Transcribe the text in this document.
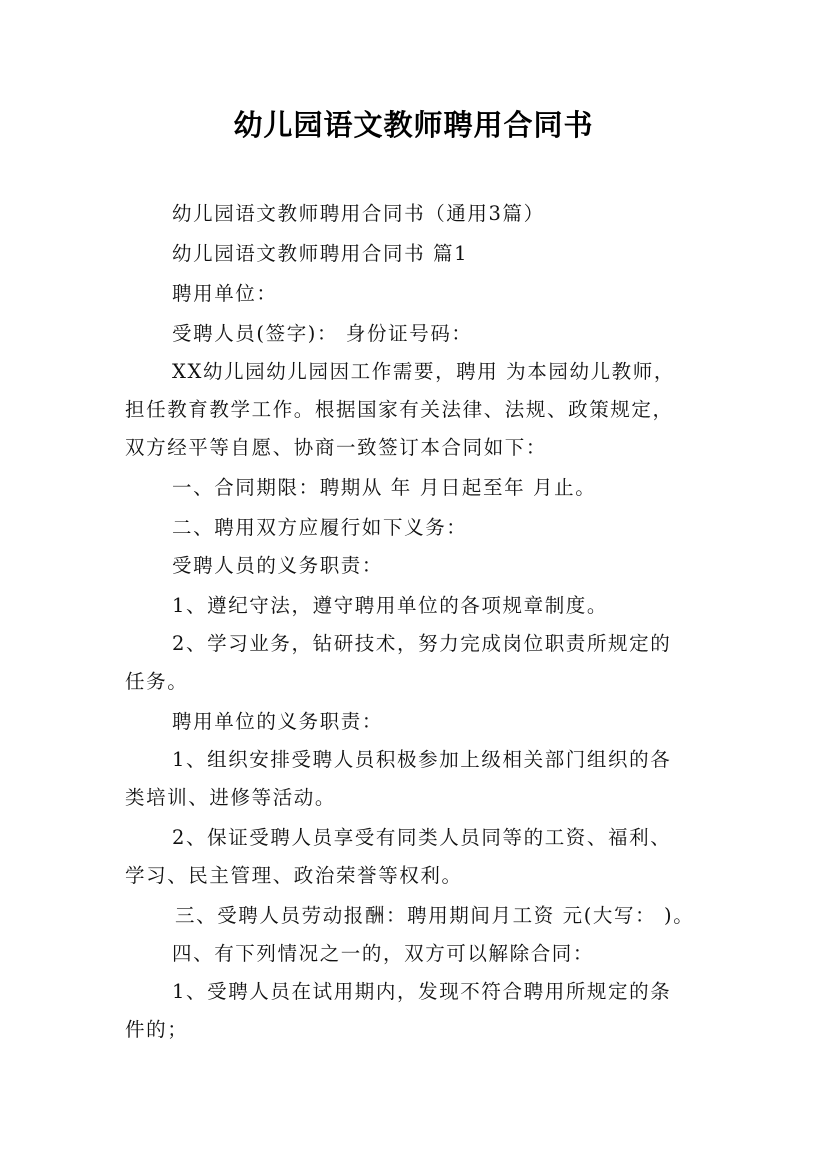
幼儿园语文教师聘用合同书
幼儿园语文教师聘用合同书（通用3篇）
幼儿园语文教师聘用合同书 篇1
聘用单位：
受聘人员(签字)： 身份证号码：
XX幼儿园幼儿园因工作需要，聘用 为本园幼儿教师，
担任教育教学工作。根据国家有关法律、法规、政策规定，
双方经平等自愿、协商一致签订本合同如下：
一、合同期限：聘期从 年 月日起至年 月止。
二、聘用双方应履行如下义务：
受聘人员的义务职责：
1、遵纪守法，遵守聘用单位的各项规章制度。
2、学习业务，钻研技术，努力完成岗位职责所规定的
任务。
聘用单位的义务职责：
1、组织安排受聘人员积极参加上级相关部门组织的各
类培训、进修等活动。
2、保证受聘人员享受有同类人员同等的工资、福利、
学习、民主管理、政治荣誉等权利。
三、受聘人员劳动报酬：聘用期间月工资 元(大写： )。
四、有下列情况之一的，双方可以解除合同：
1、受聘人员在试用期内，发现不符合聘用所规定的条
件的；
